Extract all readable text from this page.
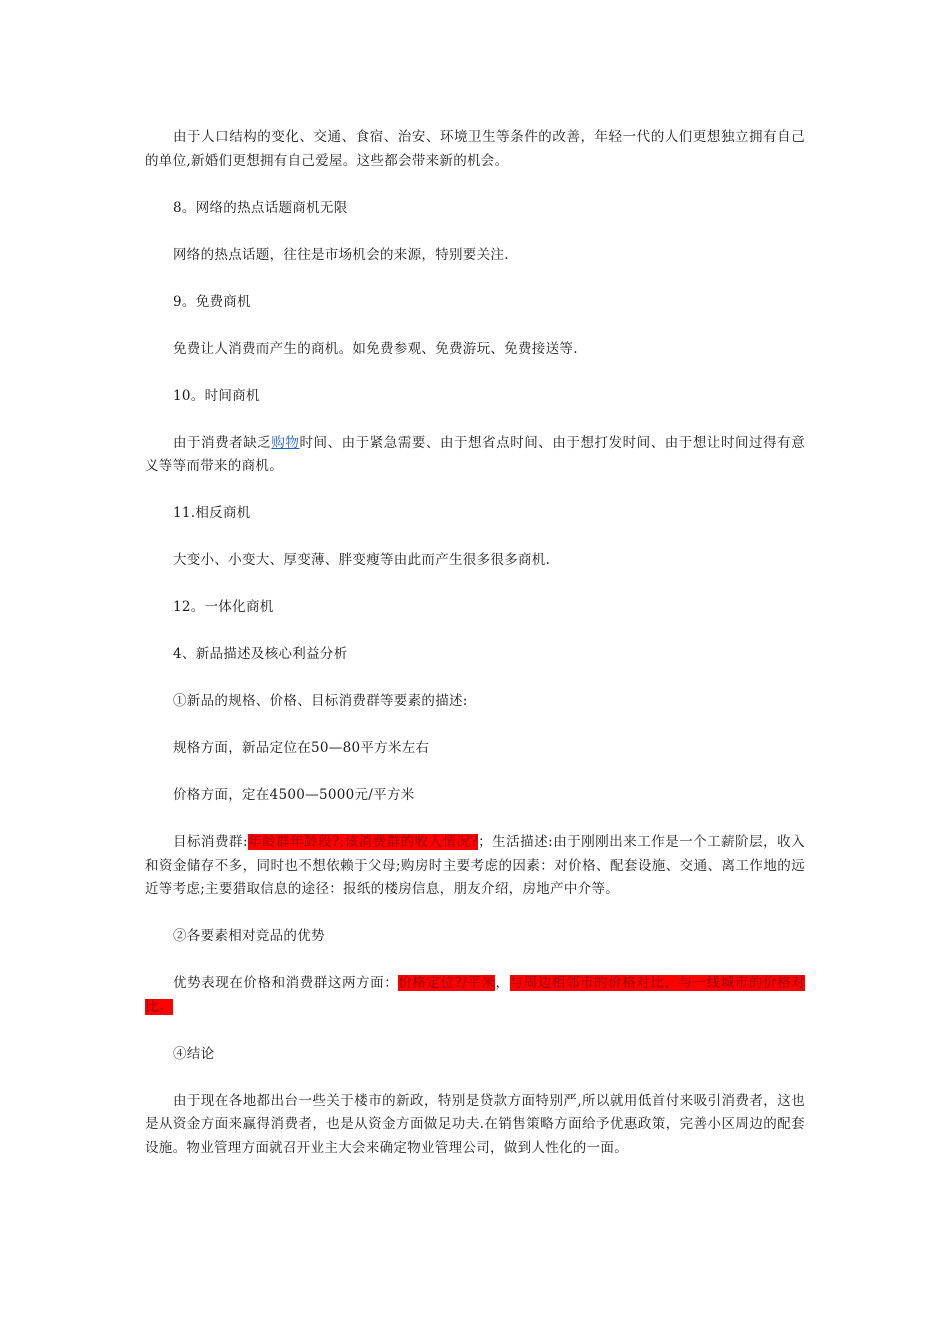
由于人口结构的变化、交通、食宿、治安、环境卫生等条件的改善，年轻一代的人们更想独立拥有自己的单位,新婚们更想拥有自己爱屋。这些都会带来新的机会。

8。网络的热点话题商机无限

网络的热点话题，往往是市场机会的来源，特别要关注.

9。免费商机

免费让人消费而产生的商机。如免费参观、免费游玩、免费接送等.

10。时间商机

由于消费者缺乏购物时间、由于紧急需要、由于想省点时间、由于想打发时间、由于想让时间过得有意义等等而带来的商机。

11.相反商机

大变小、小变大、厚变薄、胖变瘦等由此而产生很多很多商机.

12。一体化商机

4、新品描述及核心利益分析

①新品的规格、价格、目标消费群等要素的描述:

规格方面，新品定位在50—80平方米左右

价格方面，定在4500—5000元/平方米

目标消费群:年龄群年龄段?;该消费群的收入情况?；生活描述:由于刚刚出来工作是一个工薪阶层，收入和资金储存不多，同时也不想依赖于父母;购房时主要考虑的因素：对价格、配套设施、交通、离工作地的远近等考虑;主要猎取信息的途径：报纸的楼房信息，朋友介绍，房地产中介等。

②各要素相对竞品的优势

优势表现在价格和消费群这两方面：价格定位?/平米，与周边相邻市的价格对比，与一线城市的价格对比。

④结论

由于现在各地都出台一些关于楼市的新政，特别是贷款方面特别严,所以就用低首付来吸引消费者，这也是从资金方面来赢得消费者，也是从资金方面做足功夫.在销售策略方面给予优惠政策，完善小区周边的配套设施。物业管理方面就召开业主大会来确定物业管理公司，做到人性化的一面。
